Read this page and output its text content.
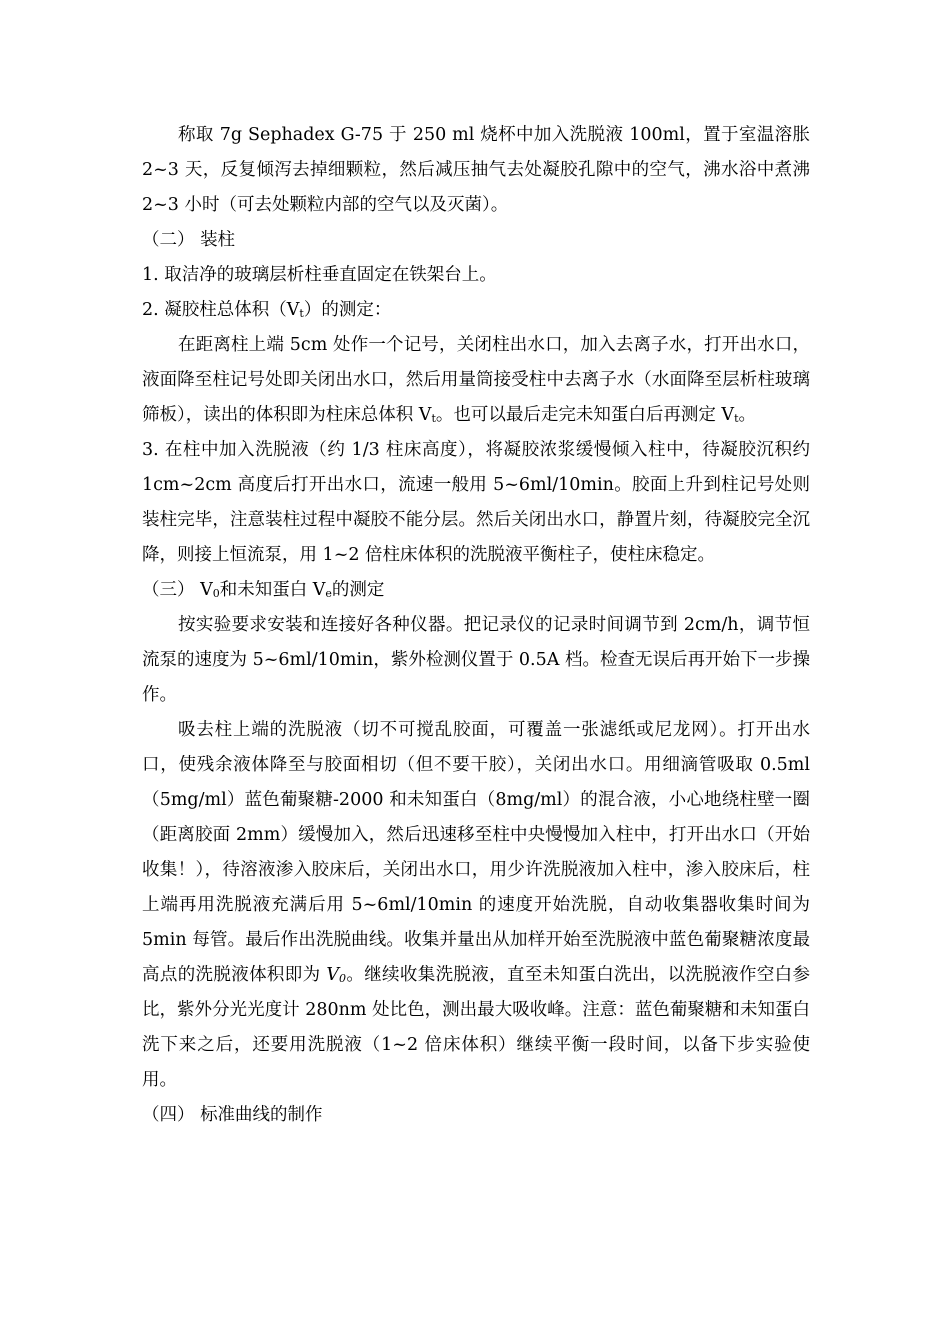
称取 7g Sephadex G-75 于 250 ml 烧杯中加入洗脱液 100ml，置于室温溶胀 2~3 天，反复倾泻去掉细颗粒，然后减压抽气去处凝胶孔隙中的空气，沸水浴中煮沸 2~3 小时（可去处颗粒内部的空气以及灭菌）。

（二） 装柱

1. 取洁净的玻璃层析柱垂直固定在铁架台上。

2. 凝胶柱总体积$(V_t)$的测定：

在距离柱上端 5cm 处作一个记号，关闭柱出水口，加入去离子水，打开出水口，液面降至柱记号处即关闭出水口，然后用量筒接受柱中去离子水（水面降至层析柱玻璃筛板），读出的体积即为柱床总体积 $V_t$。也可以最后走完未知蛋白后再测定 $V_t$。

3. 在柱中加入洗脱液（约 1/3 柱床高度），将凝胶浓浆缓慢倾入柱中，待凝胶沉积约 1cm~2cm 高度后打开出水口，流速一般用 5~6ml/10min。胶面上升到柱记号处则装柱完毕，注意装柱过程中凝胶不能分层。然后关闭出水口，静置片刻，待凝胶完全沉降，则接上恒流泵，用 1~2 倍柱床体积的洗脱液平衡柱子，使柱床稳定。

（三） $V_0$和未知蛋白 $V_e$的测定

按实验要求安装和连接好各种仪器。把记录仪的记录时间调节到 2cm/h，调节恒流泵的速度为 5~6ml/10min，紫外检测仪置于 0.5A 档。检查无误后再开始下一步操作。

吸去柱上端的洗脱液（切不可搅乱胶面，可覆盖一张滤纸或尼龙网）。打开出水口，使残余液体降至与胶面相切（但不要干胶），关闭出水口。用细滴管吸取 0.5ml（5mg/ml）蓝色葡聚糖-2000 和未知蛋白（8mg/ml）的混合液，小心地绕柱壁一圈（距离胶面 2mm）缓慢加入，然后迅速移至柱中央慢慢加入柱中，打开出水口（开始收集！），待溶液渗入胶床后，关闭出水口，用少许洗脱液加入柱中，渗入胶床后，柱上端再用洗脱液充满后用 5~6ml/10min 的速度开始洗脱，自动收集器收集时间为 5min 每管。最后作出洗脱曲线。收集并量出从加样开始至洗脱液中蓝色葡聚糖浓度最高点的洗脱液体积即为 $V_0$。继续收集洗脱液，直至未知蛋白洗出，以洗脱液作空白参比，紫外分光光度计 280nm 处比色，测出最大吸收峰。注意：蓝色葡聚糖和未知蛋白洗下来之后，还要用洗脱液（1~2 倍床体积）继续平衡一段时间，以备下步实验使用。

（四） 标准曲线的制作
